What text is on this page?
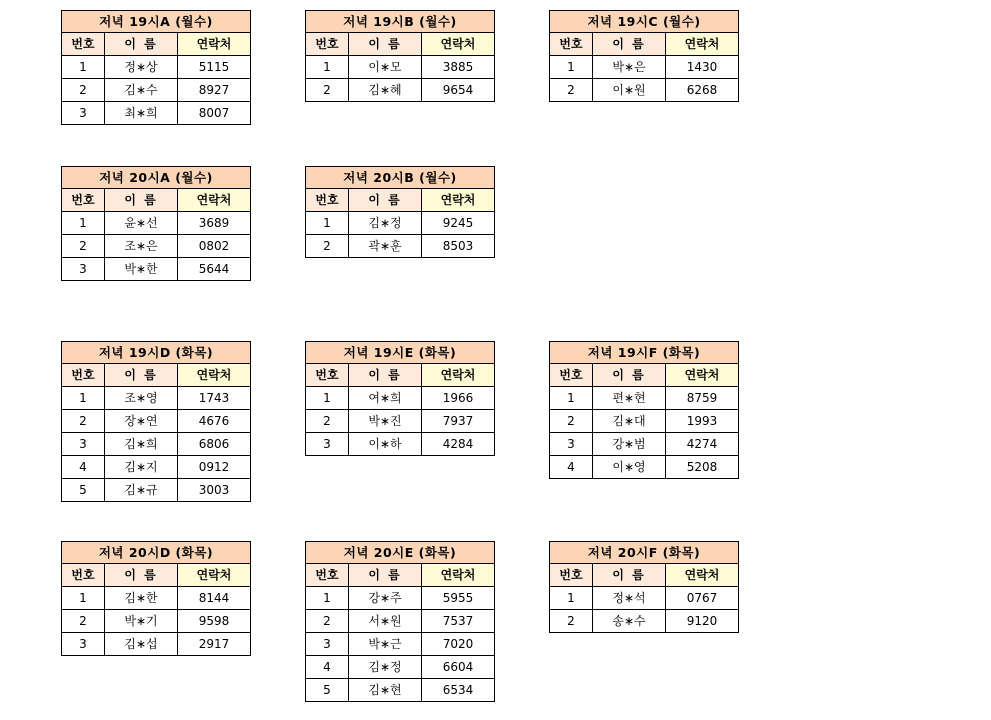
저녁 19시A (월수)		
번호	이 름	연락처
1	정∗상	5115
2	김∗수	8927
3	최∗희	8007
저녁 19시B (월수)		
번호	이 름	연락처
1	이∗모	3885
2	김∗혜	9654
저녁 19시C (월수)		
번호	이 름	연락처
1	박∗은	1430
2	이∗원	6268
저녁 20시A (월수)		
번호	이 름	연락처
1	윤∗선	3689
2	조∗은	0802
3	박∗한	5644
저녁 20시B (월수)		
번호	이 름	연락처
1	김∗정	9245
2	곽∗훈	8503
저녁 19시D (화목)		
번호	이 름	연락처
1	조∗영	1743
2	장∗연	4676
3	김∗희	6806
4	김∗지	0912
5	김∗규	3003
저녁 19시E (화목)		
번호	이 름	연락처
1	여∗희	1966
2	박∗진	7937
3	이∗하	4284
저녁 19시F (화목)		
번호	이 름	연락처
1	편∗현	8759
2	김∗대	1993
3	강∗범	4274
4	이∗영	5208
저녁 20시D (화목)		
번호	이 름	연락처
1	김∗한	8144
2	박∗기	9598
3	김∗섭	2917
저녁 20시E (화목)		
번호	이 름	연락처
1	강∗주	5955
2	서∗원	7537
3	박∗근	7020
4	김∗정	6604
5	김∗현	6534
저녁 20시F (화목)		
번호	이 름	연락처
1	정∗석	0767
2	송∗수	9120
